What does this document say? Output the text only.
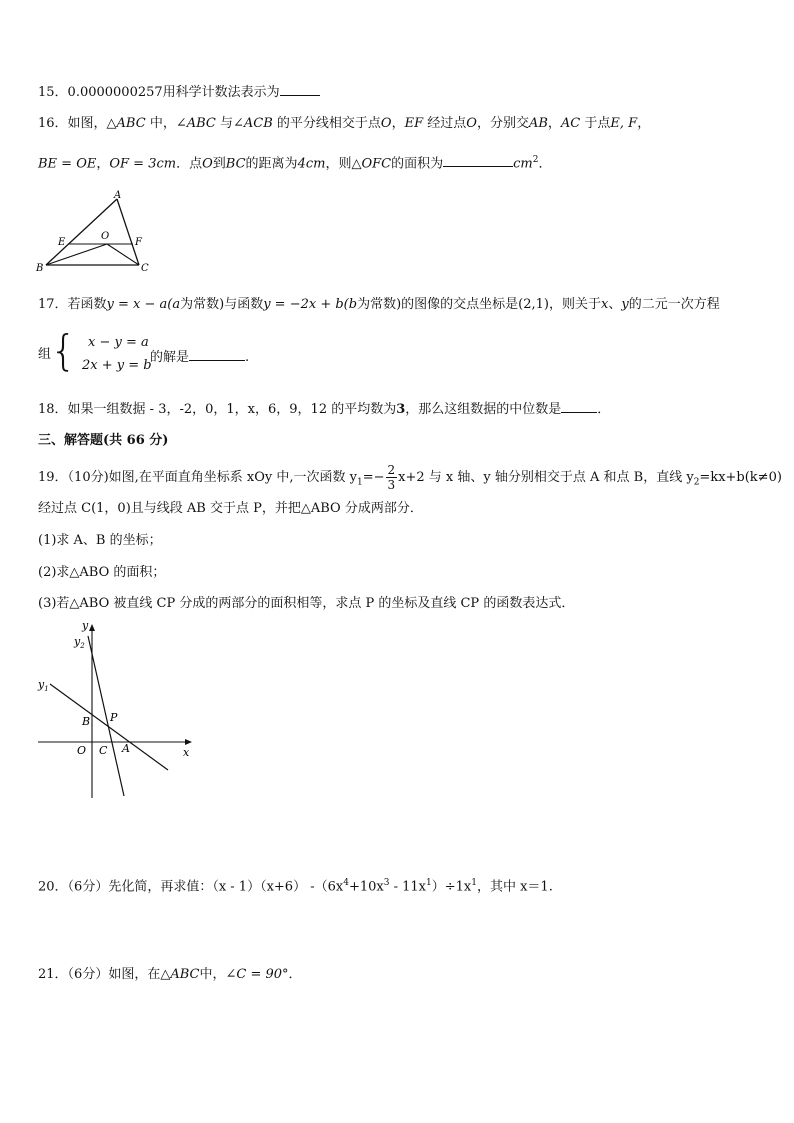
15．0.0000000257用科学计数法表示为
16．如图，△ABC 中，∠ABC 与∠ACB 的平分线相交于点O，EF 经过点O，分别交AB，AC 于点E, F，
BE = OE，OF = 3cm．点O到BC的距离为4cm，则△OFC的面积为	$cm^2$．
A
E
O
F
B	C
17．若函数y = x − a(a为常数)与函数y = −2x + b(b为常数)的图像的交点坐标是(2,1)，则关于x、y的二元一次方程
组
{ x − y = a
2x + y = b
的解是	.
18．如果一组数据 - 3，-2，0，1，x，6，9，12 的平均数为3，那么这组数据的中位数是	．
三、解答题(共 66 分)
19．（10分)如图,在平面直角坐标系 xOy 中,一次函数 $y_1=- \frac{2}{3} x+2$ 与 x 轴、y 轴分别相交于点 A 和点 B，直线 $y_2=kx+b(k\ne 0)$
经过点 C(1，0)且与线段 AB 交于点 P，并把△ABO 分成两部分．
(1)求 A、B 的坐标；
(2)求△ABO 的面积；
(3)若△ABO 被直线 CP 分成的两部分的面积相等，求点 P 的坐标及直线 CP 的函数表达式．
y
$y_2$
$y_1$
B P
O C A	x
20．（6分）先化简，再求值：（x - 1）（x+6） $-(6x^4+10x^3 - 11x^1)\div 1x^1$，其中 x＝1.
21．（6分）如图，在△ABC中，∠C = 90°．
